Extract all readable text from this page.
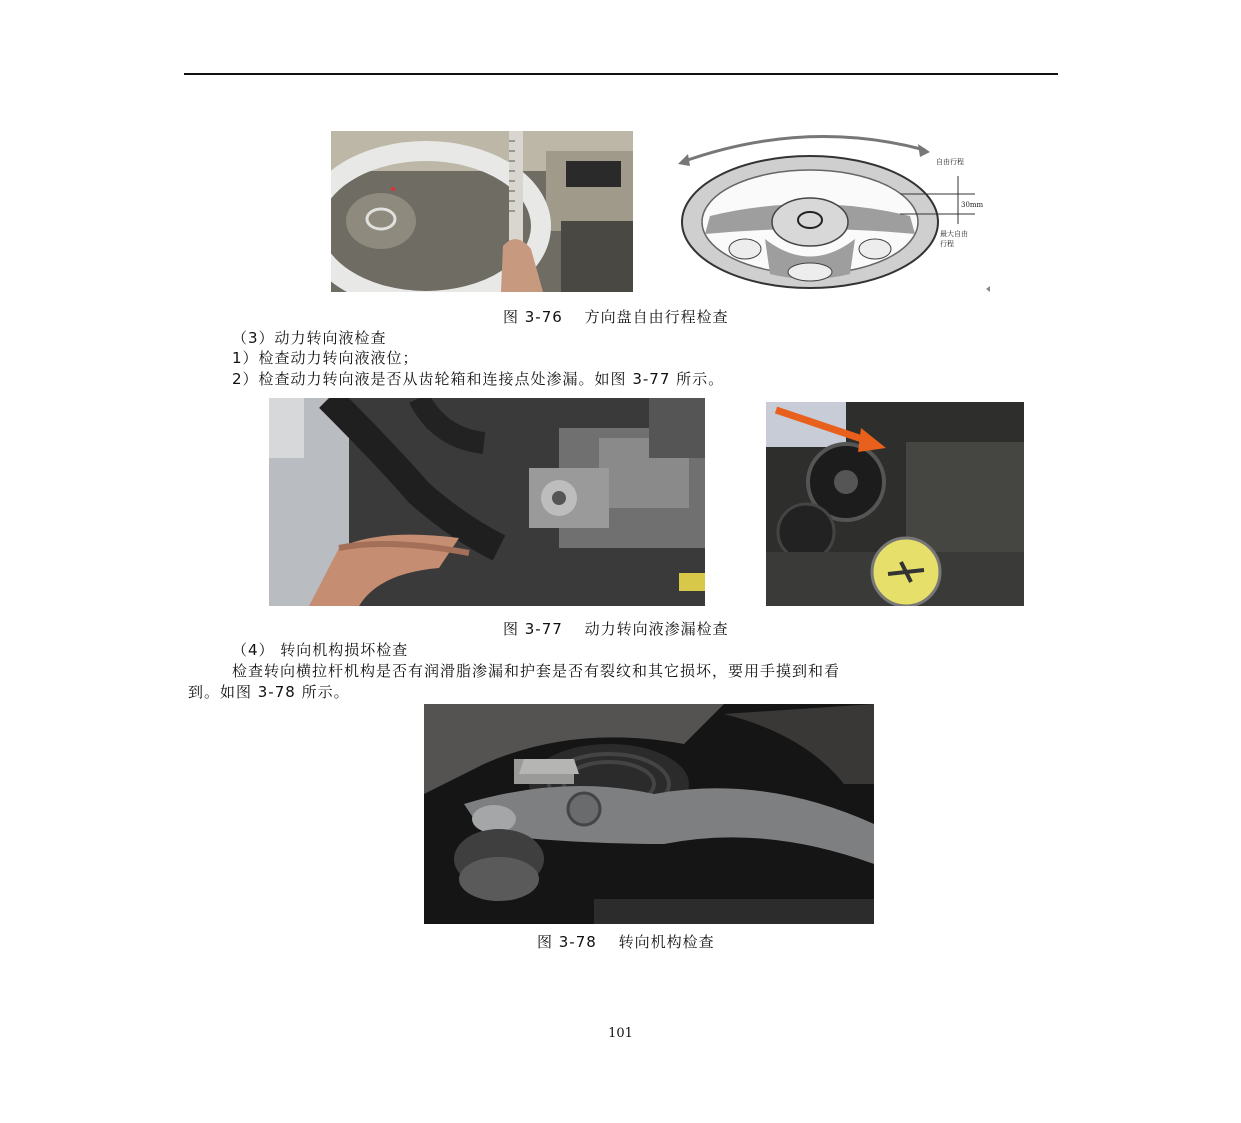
自由行程
30mm
最大自由
行程
图 3-76　 方向盘自由行程检查
（3）动力转向液检查
1）检查动力转向液液位；
2）检查动力转向液是否从齿轮箱和连接点处渗漏。如图 3-77 所示。
图 3-77　 动力转向液渗漏检查
（4） 转向机构损坏检查
检查转向横拉杆机构是否有润滑脂渗漏和护套是否有裂纹和其它损坏，要用手摸到和看
到。如图 3-78 所示。
图 3-78　 转向机构检查
101
